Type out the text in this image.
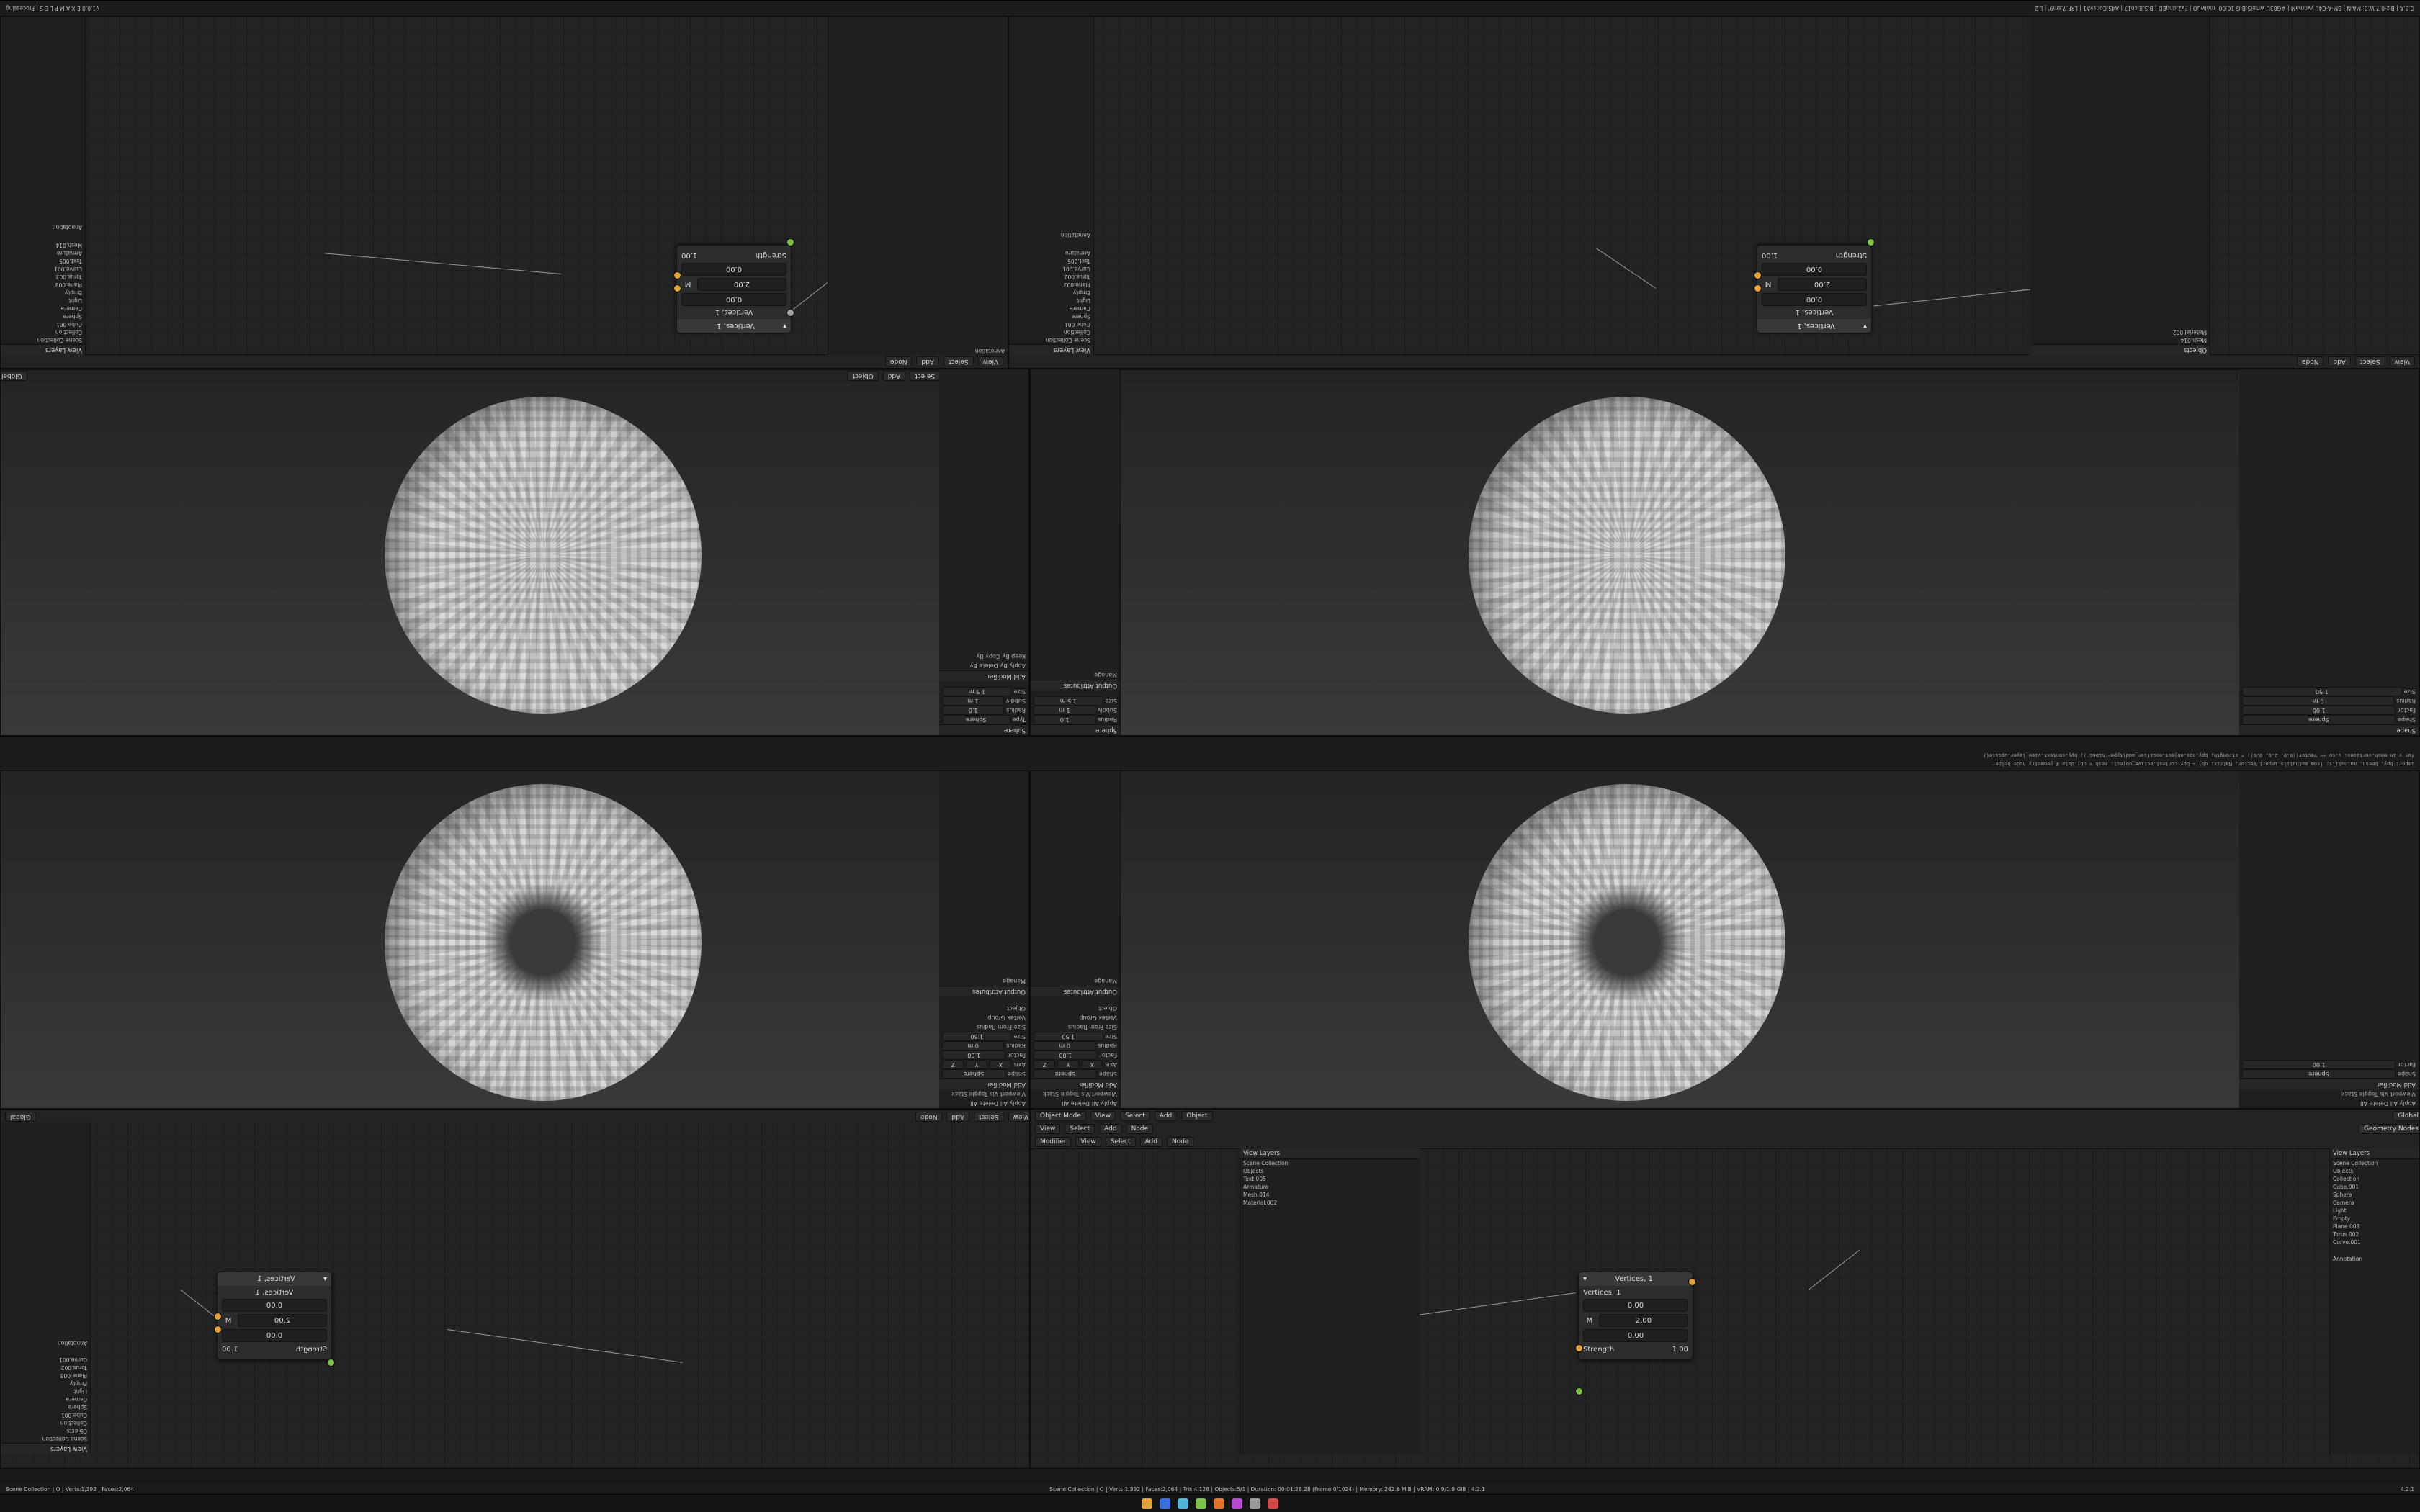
C.5.A | Blz-0.7.W.0: MAIN | BM-A-C4L yvnmaM | #G83U wrtelS:B.G 10:00: malwuO | Fv2.dnqED | B.S.8.cn17 | A4S,ConsvA1 | LRF,7.sm9' | L.2
v1.0.0 E X A M P L E S | Processing
View
Select
Add
Node
▾
Vertices, 1
Vertices, 1
0.00
2.00
M
0.00
Strength
1.00
View Layers
Scene Collection
Collection
Cube.001
Sphere
Camera
Light
Empty
Plane.003
Torus.002
Curve.001
Text.005
Armature
Mesh.014
Annotation
Annotation
View
Select
Add
Node
▾
Vertices, 1
Vertices, 1
0.00
2.00
M
0.00
Strength
1.00
View Layers
Scene Collection
Collection
Cube.001
Sphere
Camera
Light
Empty
Plane.003
Torus.002
Curve.001
Text.005
Armature
Annotation
Objects
Mesh.014
Material.002
Select
Add
Object
Global
Sphere
Type
Sphere
Radius
1.0
Subdiv
1 m
Size
1.5 m
Add Modifier
Apply By
Delete By
Keep By
Copy By
Shape
Shape
Sphere
Factor
1.00
Radius
0 m
Size
1.50
Sphere
Radius
1.0
Subdiv
1 m
Size
1.5 m
Output Attributes
Manage
import bpy, bmesh, mathutils; from mathutils import Vector, Matrix; obj = bpy.context.active_object; mesh = obj.data # geometry node helper
for v in mesh.vertices: v.co += Vector((0.0, 2.0, 0.0)) * strength; bpy.ops.object.modifier_add(type='NODES'); bpy.context.view_layer.update()
Apply All
Delete All
Viewport Vis
Toggle Stack
Add Modifier
Shape
Sphere
Axis
X
Y
Z
Factor
1.00
Radius
0 m
Size
1.50
Size From Radius
Vertex Group
Object
Output Attributes
Manage
Apply All
Delete All
Viewport Vis
Toggle Stack
Add Modifier
Shape
Sphere
Factor
1.00
Apply All
Delete All
Viewport Vis
Toggle Stack
Add Modifier
Shape
Sphere
Axis
X
Y
Z
Factor
1.00
Radius
0 m
Size
1.50
Size From Radius
Vertex Group
Object
Output Attributes
Manage
View
Select
Add
Node
Global
▾
Vertices, 1
Vertices, 1
0.00
2.00
M
0.00
Strength
1.00
View Layers
Scene Collection
Objects
Collection
Cube.001
Sphere
Camera
Light
Empty
Plane.003
Torus.002
Curve.001
Annotation
Object Mode	View	Select	Add	Object	Global
View	Select	Add	Node	Geometry Nodes
Modifier	View	Select	Add	Node
▾	Vertices, 1
Vertices, 1
0.00
M	2.00
0.00
Strength	1.00
View Layers
Scene Collection
Objects
Collection
Cube.001
Sphere
Camera
Light
Empty
Plane.003
Torus.002
Curve.001
Annotation
View Layers
Scene Collection
Objects
Text.005
Armature
Mesh.014
Material.002
Scene Collection | O | Verts:1,392 | Faces:2,064	Scene Collection | O | Verts:1,392 | Faces:2,064 | Tris:4,128 | Objects:5/1 | Duration: 00:01:28.28 (Frame 0/1024) | Memory: 262.6 MiB | VRAM: 0.9/1.9 GiB | 4.2.1	4.2.1
